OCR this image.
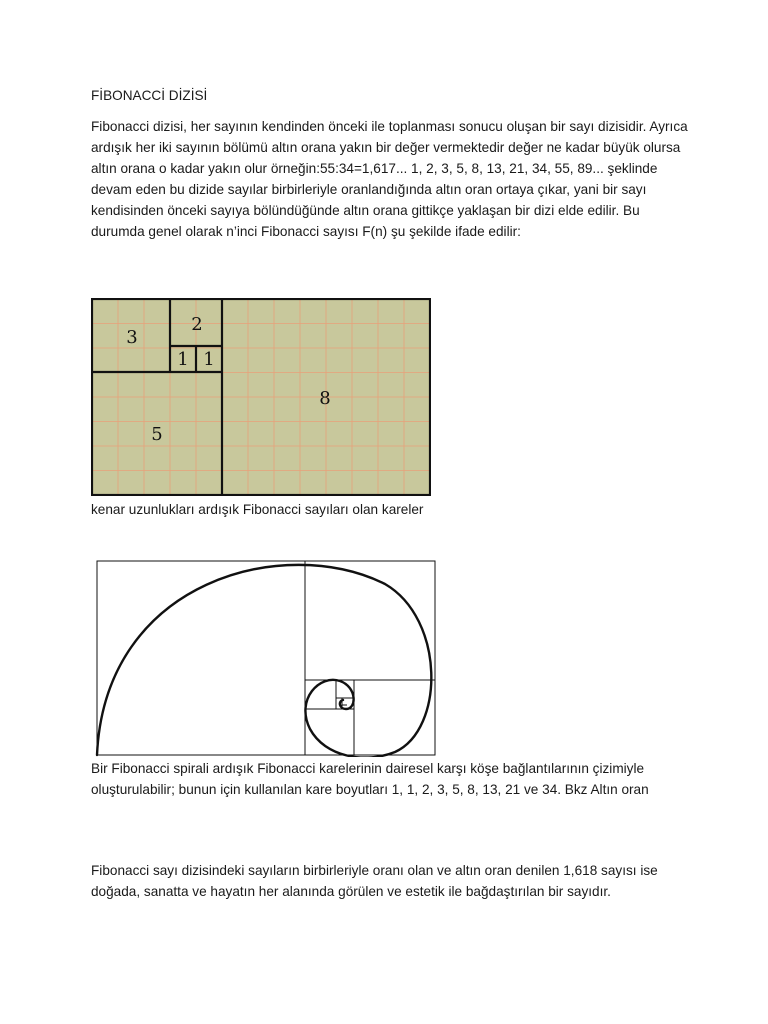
FİBONACCİ DİZİSİ

Fibonacci dizisi, her sayının kendinden önceki ile toplanması sonucu oluşan bir sayı dizisidir. Ayrıca ardışık her iki sayının bölümü altın orana yakın bir değer vermektedir değer ne kadar büyük olursa altın orana o kadar yakın olur örneğin:55:34=1,617... 1, 2, 3, 5, 8, 13, 21, 34, 55, 89... şeklinde devam eden bu dizide sayılar birbirleriyle oranlandığında altın oran ortaya çıkar, yani bir sayı kendisinden önceki sayıya bölündüğünde altın orana gittikçe yaklaşan bir dizi elde edilir. Bu durumda genel olarak n’inci Fibonacci sayısı F(n) şu şekilde ifade edilir:

1 1
2
3
5
8

kenar uzunlukları ardışık Fibonacci sayıları olan kareler

Bir Fibonacci spirali ardışık Fibonacci karelerinin dairesel karşı köşe bağlantılarının çizimiyle oluşturulabilir; bunun için kullanılan kare boyutları 1, 1, 2, 3, 5, 8, 13, 21 ve 34. Bkz Altın oran

Fibonacci sayı dizisindeki sayıların birbirleriyle oranı olan ve altın oran denilen 1,618 sayısı ise doğada, sanatta ve hayatın her alanında görülen ve estetik ile bağdaştırılan bir sayıdır.
